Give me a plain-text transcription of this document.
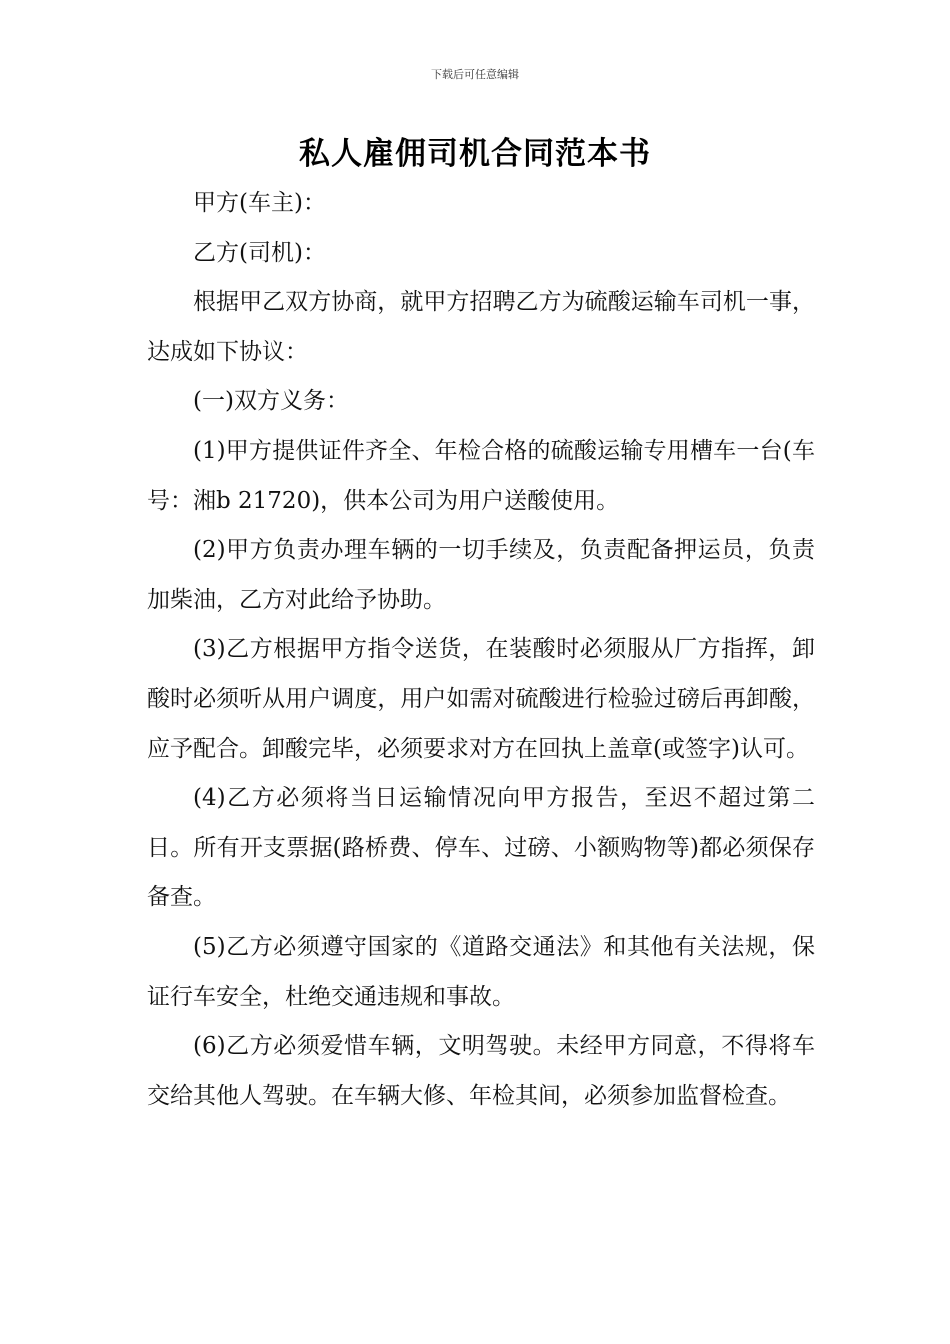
下载后可任意编辑
私人雇佣司机合同范本书

甲方(车主)：

乙方(司机)：

根据甲乙双方协商，就甲方招聘乙方为硫酸运输车司机一事，达成如下协议：

(一)双方义务：

(1)甲方提供证件齐全、年检合格的硫酸运输专用槽车一台(车号：湘b 21720)，供本公司为用户送酸使用。

(2)甲方负责办理车辆的一切手续及，负责配备押运员，负责加柴油，乙方对此给予协助。

(3)乙方根据甲方指令送货，在装酸时必须服从厂方指挥，卸酸时必须听从用户调度，用户如需对硫酸进行检验过磅后再卸酸，应予配合。卸酸完毕，必须要求对方在回执上盖章(或签字)认可。

(4)乙方必须将当日运输情况向甲方报告，至迟不超过第二日。所有开支票据(路桥费、停车、过磅、小额购物等)都必须保存备查。

(5)乙方必须遵守国家的《道路交通法》和其他有关法规，保证行车安全，杜绝交通违规和事故。

(6)乙方必须爱惜车辆，文明驾驶。未经甲方同意，不得将车交给其他人驾驶。在车辆大修、年检其间，必须参加监督检查。
